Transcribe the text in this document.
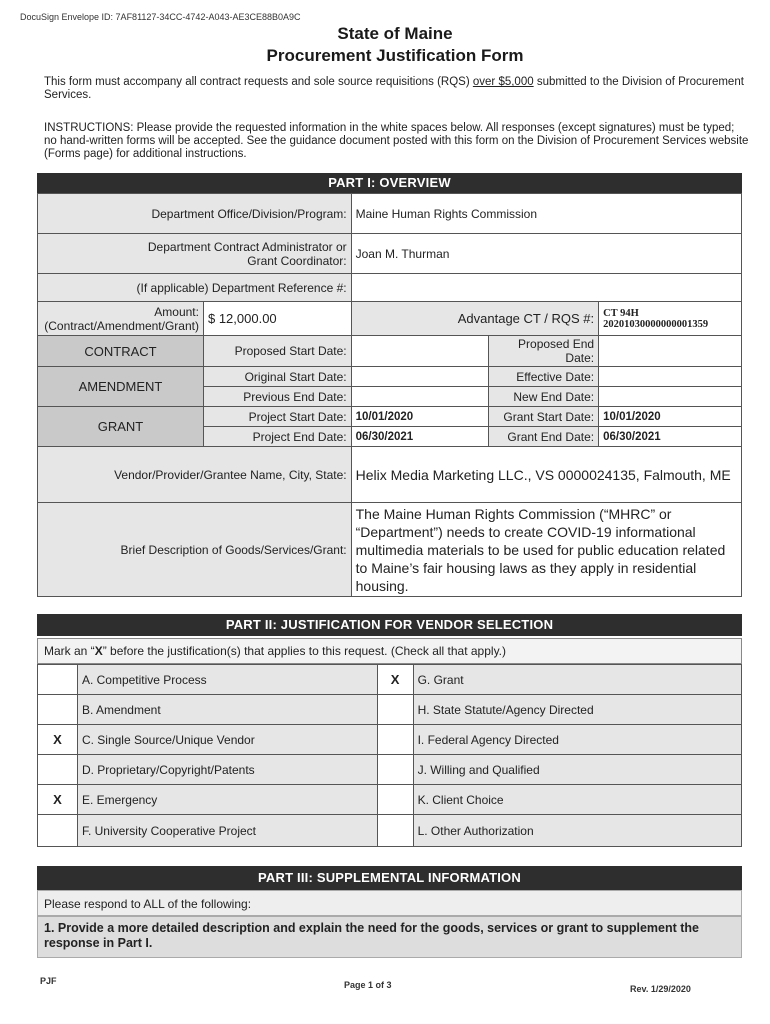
DocuSign Envelope ID: 7AF81127-34CC-4742-A043-AE3CE88B0A9C
State of Maine
Procurement Justification Form
This form must accompany all contract requests and sole source requisitions (RQS) over $5,000 submitted to the Division of Procurement Services.
INSTRUCTIONS: Please provide the requested information in the white spaces below. All responses (except signatures) must be typed; no hand-written forms will be accepted. See the guidance document posted with this form on the Division of Procurement Services website (Forms page) for additional instructions.
PART I: OVERVIEW
Department Office/Division/Program:		Maine Human Rights Commission		

Department Contract Administrator or
Grant Coordinator:		Joan M. Thurman		
(If applicable) Department Reference #:				

Amount:
(Contract/Amendment/Grant)	$ 12,000.00	Advantage CT / RQS #:		CT 94H 20201030000000001359
CONTRACT	Proposed Start Date:		Proposed End Date:	
AMENDMENT	Original Start Date:		Effective Date:	
	Previous End Date:		New End Date:	
GRANT	Project Start Date:	10/01/2020	Grant Start Date:	10/01/2020
	Project End Date:	06/30/2021	Grant End Date:	06/30/2021
Vendor/Provider/Grantee Name, City, State:		Helix Media Marketing LLC., VS 0000024135, Falmouth, ME		
Brief Description of Goods/Services/Grant:		The Maine Human Rights Commission (“MHRC” or “Department”) needs to create COVID-19 informational multimedia materials to be used for public education related to Maine’s fair housing laws as they apply in residential housing.		
PART II: JUSTIFICATION FOR VENDOR SELECTION
Mark an “X” before the justification(s) that applies to this request. (Check all that apply.)
	A. Competitive Process	X	G. Grant
	B. Amendment		H. State Statute/Agency Directed
X	C. Single Source/Unique Vendor		I. Federal Agency Directed
	D. Proprietary/Copyright/Patents		J. Willing and Qualified
X	E. Emergency		K. Client Choice
	F. University Cooperative Project		L. Other Authorization
PART III: SUPPLEMENTAL INFORMATION
Please respond to ALL of the following:
1. Provide a more detailed description and explain the need for the goods, services or grant to supplement the response in Part I.
PJF	Page 1 of 3	Rev. 1/29/2020
